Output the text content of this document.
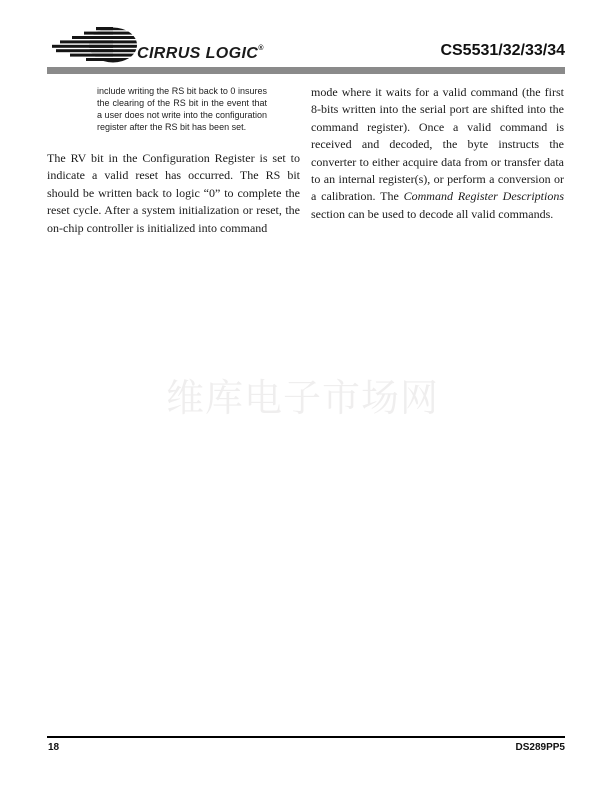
CIRRUS LOGIC®	CS5531/32/33/34

include writing the RS bit back to 0 insures the clearing of the RS bit in the event that a user does not write into the configuration register after the RS bit has been set.

The RV bit in the Configuration Register is set to indicate a valid reset has occurred. The RS bit should be written back to logic “0” to complete the reset cycle. After a system initialization or reset, the on-chip controller is initialized into command

mode where it waits for a valid command (the first 8-bits written into the serial port are shifted into the command register). Once a valid command is received and decoded, the byte instructs the converter to either acquire data from or transfer data to an internal register(s), or perform a conversion or a calibration. The Command Register Descriptions section can be used to decode all valid commands.

维库电子市场网
18	DS289PP5
